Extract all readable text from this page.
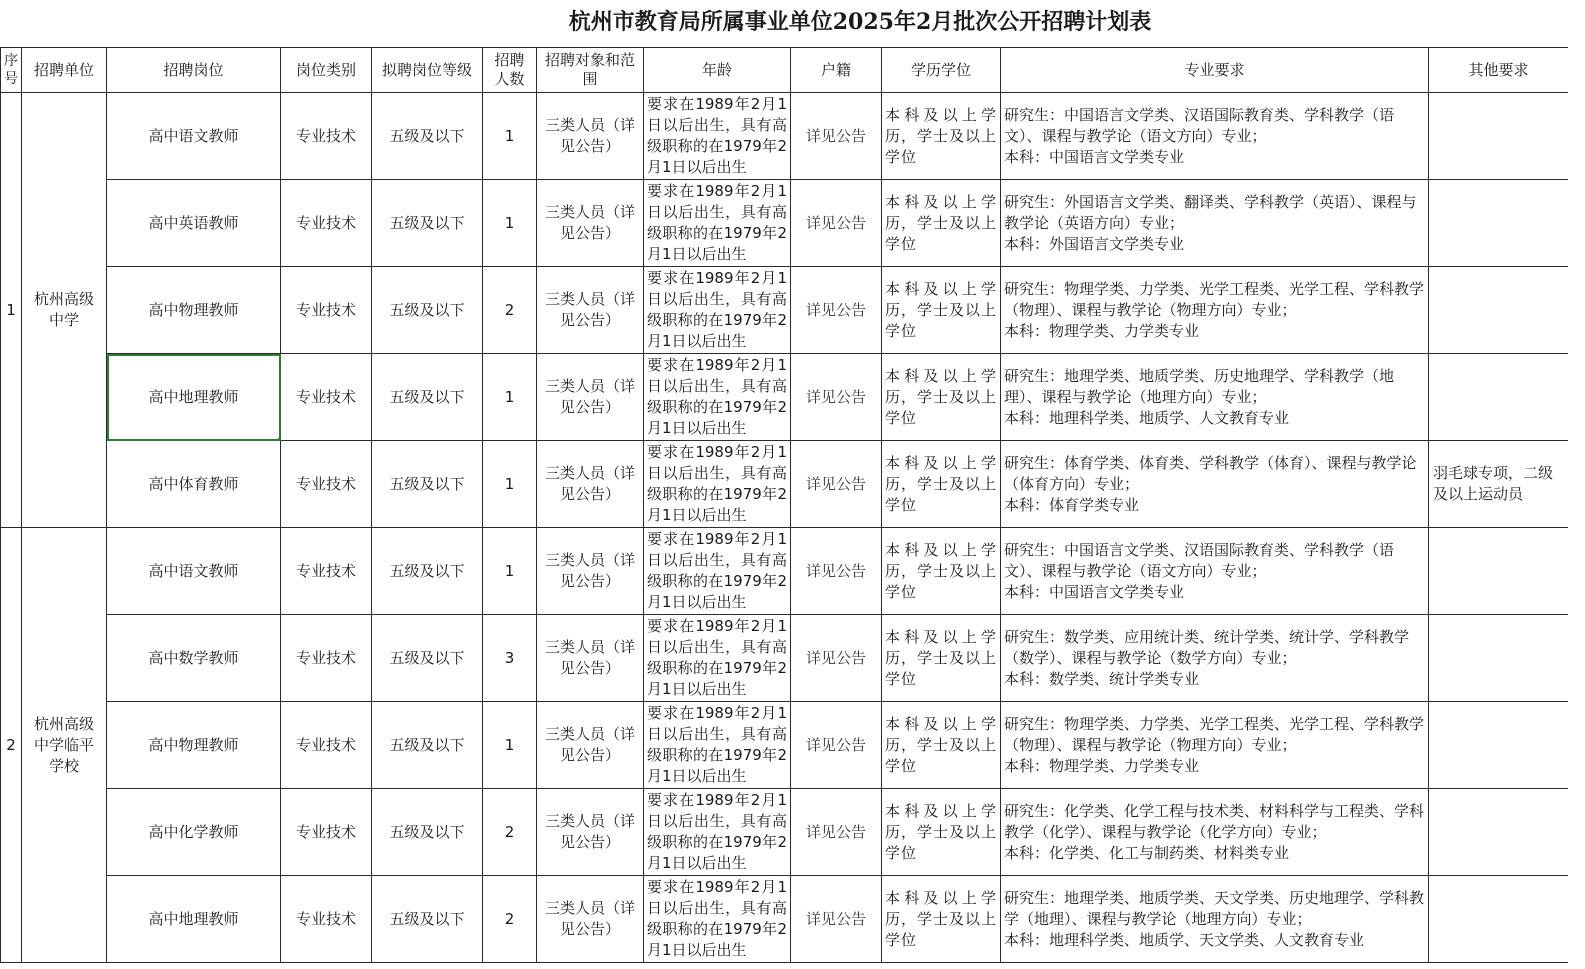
杭州市教育局所属事业单位2025年2月批次公开招聘计划表
序号	招聘单位	招聘岗位	岗位类别	拟聘岗位等级	招聘人数	招聘对象和范围	年龄	户籍	学历学位	专业要求	其他要求
1	杭州高级中学	高中语文教师	专业技术	五级及以下	1	三类人员（详见公告）	要求在1989年2月1日以后出生，具有高级职称的在1979年2月1日以后出生	详见公告	本科及以上学历，学士及以上学位	研究生：中国语言文学类、汉语国际教育类、学科教学（语文）、课程与教学论（语文方向）专业；
本科：中国语言文学类专业	

		高中英语教师	专业技术	五级及以下	1	三类人员（详见公告）	要求在1989年2月1日以后出生，具有高级职称的在1979年2月1日以后出生	详见公告	本科及以上学历，学士及以上学位	研究生：外国语言文学类、翻译类、学科教学（英语）、课程与教学论（英语方向）专业；
本科：外国语言文学类专业	

		高中物理教师	专业技术	五级及以下	2	三类人员（详见公告）	要求在1989年2月1日以后出生，具有高级职称的在1979年2月1日以后出生	详见公告	本科及以上学历，学士及以上学位	研究生：物理学类、力学类、光学工程类、光学工程、学科教学（物理）、课程与教学论（物理方向）专业；
本科：物理学类、力学类专业	

		高中地理教师	专业技术	五级及以下	1	三类人员（详见公告）	要求在1989年2月1日以后出生，具有高级职称的在1979年2月1日以后出生	详见公告	本科及以上学历，学士及以上学位	研究生：地理学类、地质学类、历史地理学、学科教学（地理）、课程与教学论（地理方向）专业；
本科：地理科学类、地质学、人文教育专业	

		高中体育教师	专业技术	五级及以下	1	三类人员（详见公告）	要求在1989年2月1日以后出生，具有高级职称的在1979年2月1日以后出生	详见公告	本科及以上学历，学士及以上学位	研究生：体育学类、体育类、学科教学（体育）、课程与教学论（体育方向）专业；
本科：体育学类专业	羽毛球专项，二级及以上运动员
2	杭州高级中学临平学校	高中语文教师	专业技术	五级及以下	1	三类人员（详见公告）	要求在1989年2月1日以后出生，具有高级职称的在1979年2月1日以后出生	详见公告	本科及以上学历，学士及以上学位	研究生：中国语言文学类、汉语国际教育类、学科教学（语文）、课程与教学论（语文方向）专业；
本科：中国语言文学类专业	

		高中数学教师	专业技术	五级及以下	3	三类人员（详见公告）	要求在1989年2月1日以后出生，具有高级职称的在1979年2月1日以后出生	详见公告	本科及以上学历，学士及以上学位	研究生：数学类、应用统计类、统计学类、统计学、学科教学（数学）、课程与教学论（数学方向）专业；
本科：数学类、统计学类专业	

		高中物理教师	专业技术	五级及以下	1	三类人员（详见公告）	要求在1989年2月1日以后出生，具有高级职称的在1979年2月1日以后出生	详见公告	本科及以上学历，学士及以上学位	研究生：物理学类、力学类、光学工程类、光学工程、学科教学（物理）、课程与教学论（物理方向）专业；
本科：物理学类、力学类专业	

		高中化学教师	专业技术	五级及以下	2	三类人员（详见公告）	要求在1989年2月1日以后出生，具有高级职称的在1979年2月1日以后出生	详见公告	本科及以上学历，学士及以上学位	研究生：化学类、化学工程与技术类、材料科学与工程类、学科教学（化学）、课程与教学论（化学方向）专业；
本科：化学类、化工与制药类、材料类专业	

		高中地理教师	专业技术	五级及以下	2	三类人员（详见公告）	要求在1989年2月1日以后出生，具有高级职称的在1979年2月1日以后出生	详见公告	本科及以上学历，学士及以上学位	研究生：地理学类、地质学类、天文学类、历史地理学、学科教学（地理）、课程与教学论（地理方向）专业；
本科：地理科学类、地质学、天文学类、人文教育专业	
